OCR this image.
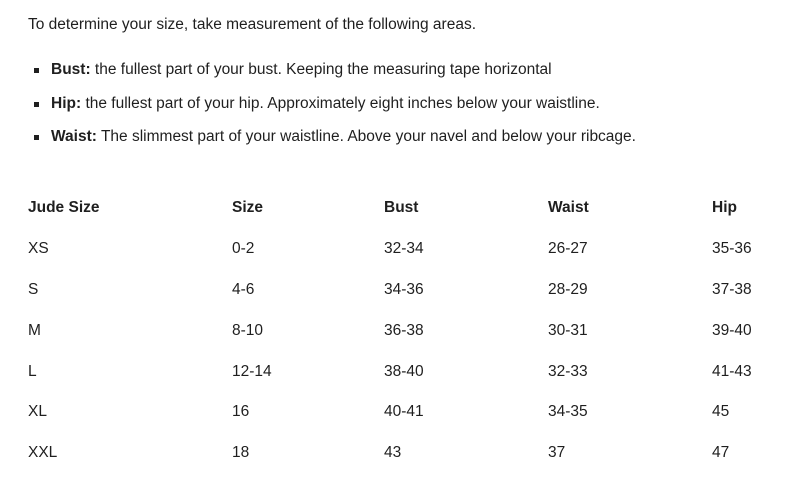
To determine your size, take measurement of the following areas.

Bust: the fullest part of your bust. Keeping the measuring tape horizontal
Hip: the fullest part of your hip. Approximately eight inches below your waistline.
Waist: The slimmest part of your waistline. Above your navel and below your ribcage.
Jude Size	Size	Bust	Waist	Hip
XS	0-2	32-34	26-27	35-36
S	4-6	34-36	28-29	37-38
M	8-10	36-38	30-31	39-40
L	12-14	38-40	32-33	41-43
XL	16	40-41	34-35	45
XXL	18	43	37	47
